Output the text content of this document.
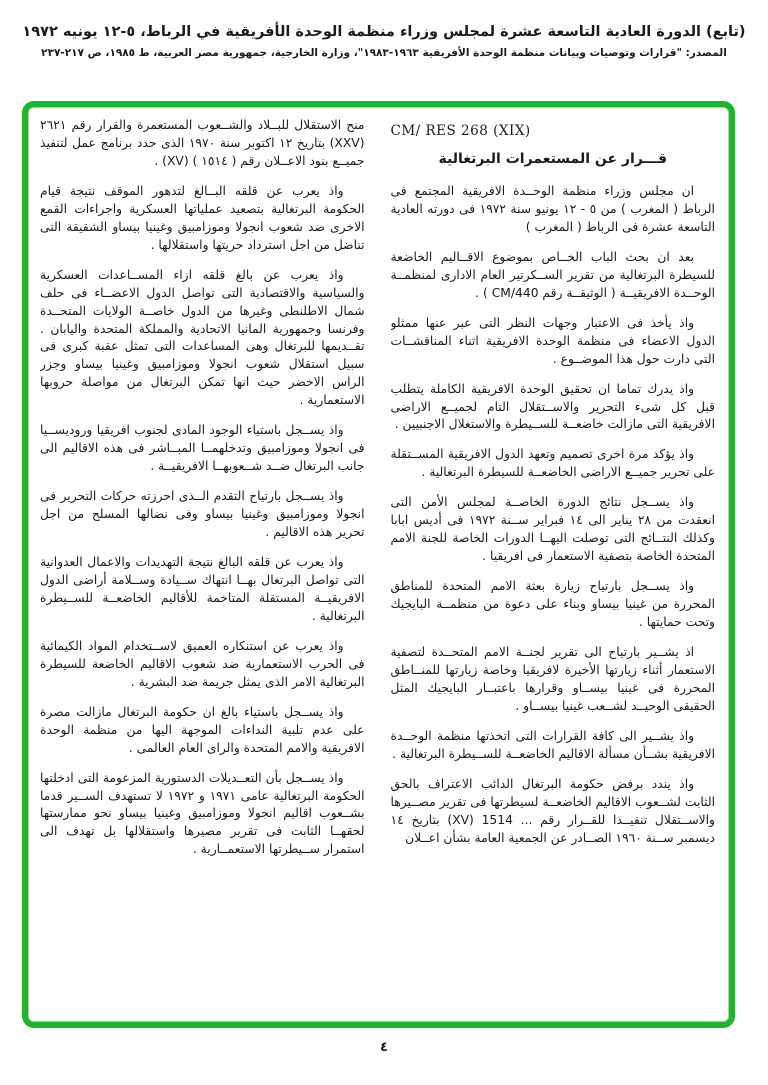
(تابع) الدورة العادية التاسعة عشرة لمجلس وزراء منظمة الوحدة الأفريقية في الرباط، ٥-١٢ يونيه ١٩٧٢
المصدر: "قرارات وتوصيات وبيانات منظمة الوحدة الأفريقية ١٩٦٣-١٩٨٣"، وزارة الخارجية، جمهورية مصر العربية، ط ١٩٨٥، ص ٢١٧-٢٣٧
CM/ RES 268 (XIX)
قـــرار عن المستعمرات البرتغالية

ان مجلس وزراء منظمة الوحــدة الافريقية المجتمع فى الرباط ( المغرب ) من ٥ - ١٢ يونيو سنة ١٩٧٢ فى دورته العادية التاسعة عشرة فى الرباط ( المغرب )

بعد ان بحث الباب الخــاص بموضوع الاقــاليم الخاضعة للسيطرة البرتغالية من تقرير الســكرتير العام الادارى لمنظمــة الوحــدة الافريقيــة ( الوثيقــة رقم CM/440 ) .

واذ يأخذ فى الاعتبار وجهات النظر التى عبر عنها ممثلو الدول الاعضاء فى منظمة الوحدة الافريقية اثناء المناقشــات التى دارت حول هذا الموضــوع .

واذ يدرك تماما ان تحقيق الوحدة الافريقية الكاملة يتطلب قبل كل شىء التحرير والاســتقلال التام لجميــع الاراضى الافريقية التى مازالت خاضعــة للســيطرة والاستغلال الاجنبيين .

واذ يؤكد مرة اخرى تصميم وتعهد الدول الافريقية المســتقلة على تحرير جميــع الاراضى الخاضعــة للسيطرة البرتغالية .

واذ يســجل نتائج الدورة الخاصــة لمجلس الأمن التى انعقدت من ٢٨ يناير الى ١٤ فبراير ســنة ١٩٧٢ فى أديس ابابا وكذلك النتــائج التى توصلت اليهــا الدورات الخاصة للجنة الامم المتحدة الخاصة بتصفية الاستعمار فى افريقيا .

واذ يســجل بارتياح زيارة بعثة الامم المتحدة للمناطق المحررة من غينيا بيساو وبناء على دعوة من منظمــة البايجيك وتحت حمايتها .

اذ يشــير بارتياح الى تقرير لجنــة الامم المتحــدة لتصفية الاستعمار أثناء زيارتها الأخيرة لافريقيا وخاصة زيارتها للمنــاطق المحررة فى غينيا بيســاو وقرارها باعتبــار البايجيك المثل الحقيقى الوحيــد لشــعب غينيا بيســاو .

واذ يشــير الى كافة القرارات التى اتخذتها منظمة الوحــدة الافريقية بشــأن مسألة الاقاليم الخاضعــة للســيطرة البرتغالية .

واذ يندد برفض حكومة البرتغال الدائب الاعتراف بالحق الثابت لشــعوب الاقاليم الخاضعــة لسيطرتها فى تقرير مصــيرها والاســتقلال تنفيــذا للقــرار رقم ... 1514 (XV) بتاريخ ١٤ ديسمبر ســنة ١٩٦٠ الصــادر عن الجمعية العامة بشأن اعــلان

منح الاستقلال للبــلاد والشــعوب المستعمرة والقرار رقم ٢٦٢١ (XXV) بتاريخ ١٢ اكتوبر سنة ١٩٧٠ الذى حدد برنامج عمل لتنفيذ جميــع بنود الاعــلان رقم ( ١٥١٤ ) (XV) .

واذ يعرب عن قلقه البــالغ لتدهور الموقف نتيجة قيام الحكومة البرتغالية بتصعيد عملياتها العسكرية واجراءات القمع الاخرى ضد شعوب انجولا وموزامبيق وغينيا بيساو الشقيقة التى تناضل من اجل استرداد حريتها واستقلالها .

واذ يعرب عن بالغ قلقه ازاء المســاعدات العسكرية والسياسية والاقتصادية التى تواصل الدول الاعضــاء فى حلف شمال الاطلنطى وغيرها من الدول خاصــة الولايات المتحــدة وفرنسا وجمهورية المانيا الاتحادية والمملكة المتحدة واليابان . تقــديمها للبرتغال وهى المساعدات التى تمثل عقبة كبرى فى سبيل استقلال شعوب انجولا وموزامبيق وغينيا بيساو وجزر الراس الاخضر حيث انها تمكن البرتغال من مواصلة حروبها الاستعمارية .

واذ يســجل باستياء الوجود المادى لجنوب افريقيا وروديســيا فى انجولا وموزامبيق وتدخلهمــا المبــاشر فى هذه الاقاليم الى جانب البرتغال ضــد شــعوبهــا الافريقيــة .

واذ يســجل بارتياح التقدم الــذى احرزته حركات التحرير فى انجولا وموزامبيق وغينيا بيساو وفى نضالها المسلح من اجل تحرير هذه الاقاليم .

واذ يعرب عن قلقه البالغ نتيجة التهديدات والاعمال العدوانية التى تواصل البرتغال بهــا انتهاك ســيادة وســلامة أراضى الدول الافريقيــة المستقلة المتاخمة للأقاليم الخاضعــة للســيطرة البرتغالية .

واذ يعرب عن استنكاره العميق لاســتخدام المواد الكيمائية فى الحرب الاستعمارية ضد شعوب الاقاليم الخاضعة للسيطرة البرتغالية الامر الذى يمثل جريمة ضد البشرية .

واذ يســجل باستياء بالغ ان حكومة البرتغال مازالت مصرة على عدم تلبية النداءات الموجهة اليها من منظمة الوحدة الافريقية والامم المتحدة والراى العام العالمى .

واذ يســجل بأن التعــديلات الدستورية المزعومة التى ادخلتها الحكومة البرتغالية عامى ١٩٧١ و ١٩٧٢ لا تستهدف الســير قدما بشــعوب اقاليم انجولا وموزامبيق وغينيا بيساو نحو ممارستها لحقهــا الثابت فى تقرير مصيرها واستقلالها بل تهدف الى استمرار ســيطرتها الاستعمــارية .

٤
